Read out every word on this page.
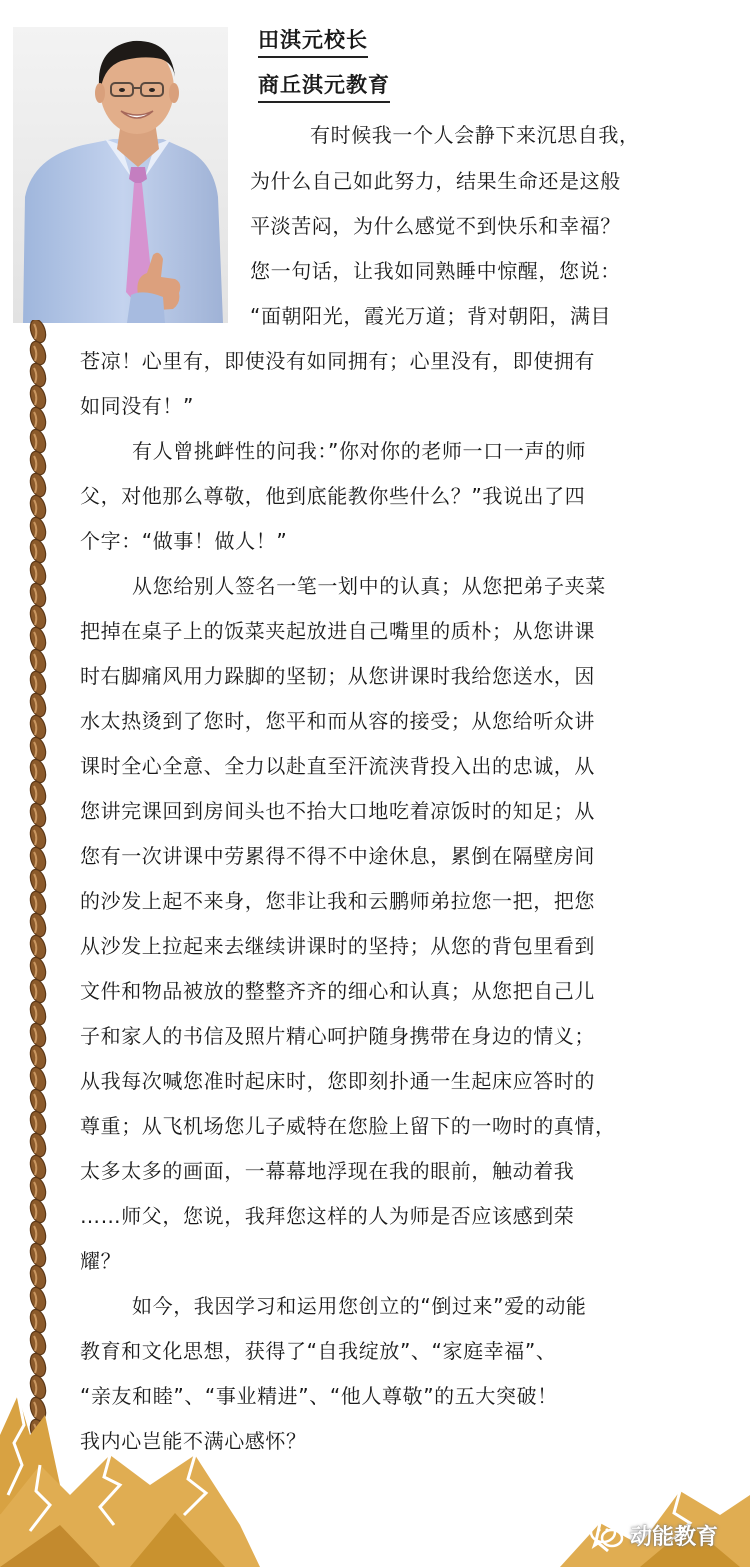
田淇元校长
商丘淇元教育
有时候我一个人会静下来沉思自我，
为什么自己如此努力，结果生命还是这般
平淡苦闷，为什么感觉不到快乐和幸福？
您一句话，让我如同熟睡中惊醒，您说：
“面朝阳光，霞光万道；背对朝阳，满目
苍凉！心里有，即使没有如同拥有；心里没有，即使拥有
如同没有！”
有人曾挑衅性的问我：”你对你的老师一口一声的师
父，对他那么尊敬，他到底能教你些什么？”我说出了四
个字：“做事！做人！”
从您给别人签名一笔一划中的认真；从您把弟子夹菜
把掉在桌子上的饭菜夹起放进自己嘴里的质朴；从您讲课
时右脚痛风用力跺脚的坚韧；从您讲课时我给您送水，因
水太热烫到了您时，您平和而从容的接受；从您给听众讲
课时全心全意、全力以赴直至汗流浃背投入出的忠诚，从
您讲完课回到房间头也不抬大口地吃着凉饭时的知足；从
您有一次讲课中劳累得不得不中途休息，累倒在隔壁房间
的沙发上起不来身，您非让我和云鹏师弟拉您一把，把您
从沙发上拉起来去继续讲课时的坚持；从您的背包里看到
文件和物品被放的整整齐齐的细心和认真；从您把自己儿
子和家人的书信及照片精心呵护随身携带在身边的情义；
从我每次喊您准时起床时，您即刻扑通一生起床应答时的
尊重；从飞机场您儿子威特在您脸上留下的一吻时的真情，
太多太多的画面，一幕幕地浮现在我的眼前，触动着我
……师父，您说，我拜您这样的人为师是否应该感到荣
耀？
如今，我因学习和运用您创立的“倒过来”爱的动能
教育和文化思想，获得了“自我绽放”、“家庭幸福”、
“亲友和睦”、“事业精进”、“他人尊敬”的五大突破！
我内心岂能不满心感怀？
动能教育
